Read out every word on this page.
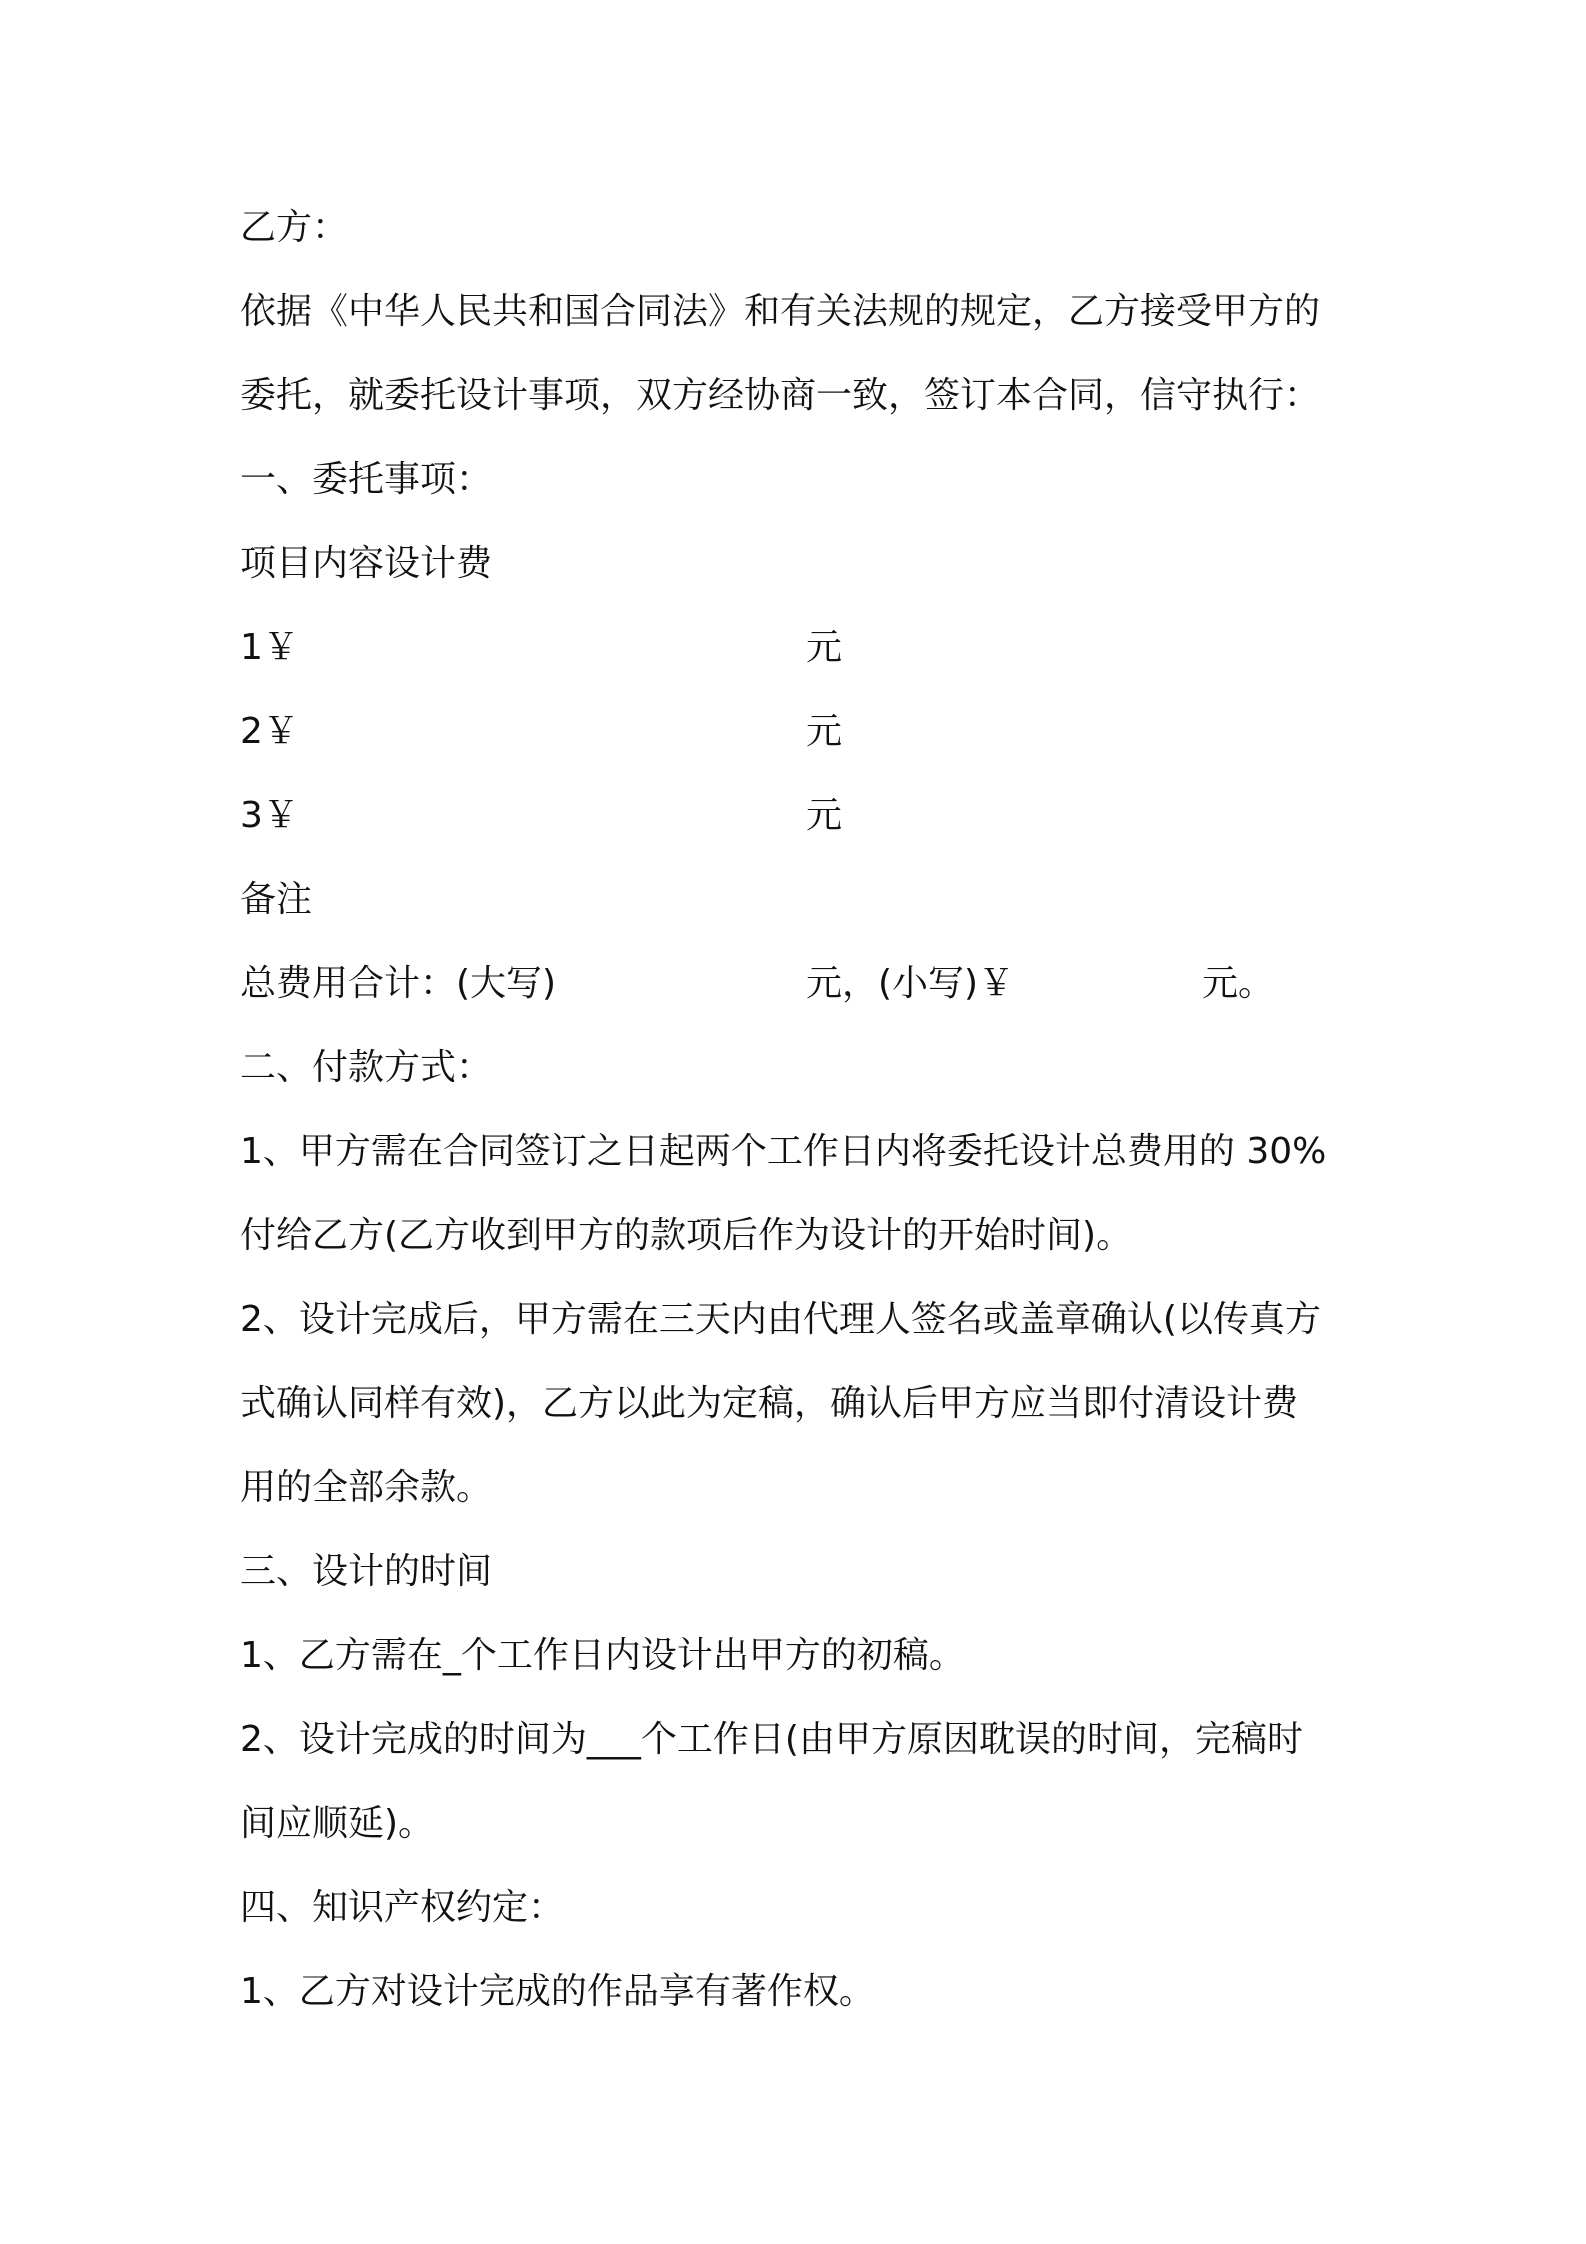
乙方：
依据《中华人民共和国合同法》和有关法规的规定，乙方接受甲方的
委托，就委托设计事项，双方经协商一致，签订本合同，信守执行：
一、委托事项：
项目内容设计费
1￥	元
2￥	元
3￥	元
备注
总费用合计：(大写)	元，(小写)￥	元。
二、付款方式：
1、甲方需在合同签订之日起两个工作日内将委托设计总费用的 30%
付给乙方(乙方收到甲方的款项后作为设计的开始时间)。
2、设计完成后，甲方需在三天内由代理人签名或盖章确认(以传真方
式确认同样有效)，乙方以此为定稿，确认后甲方应当即付清设计费
用的全部余款。
三、设计的时间
1、乙方需在_个工作日内设计出甲方的初稿。
2、设计完成的时间为___个工作日(由甲方原因耽误的时间，完稿时
间应顺延)。
四、知识产权约定：
1、乙方对设计完成的作品享有著作权。
